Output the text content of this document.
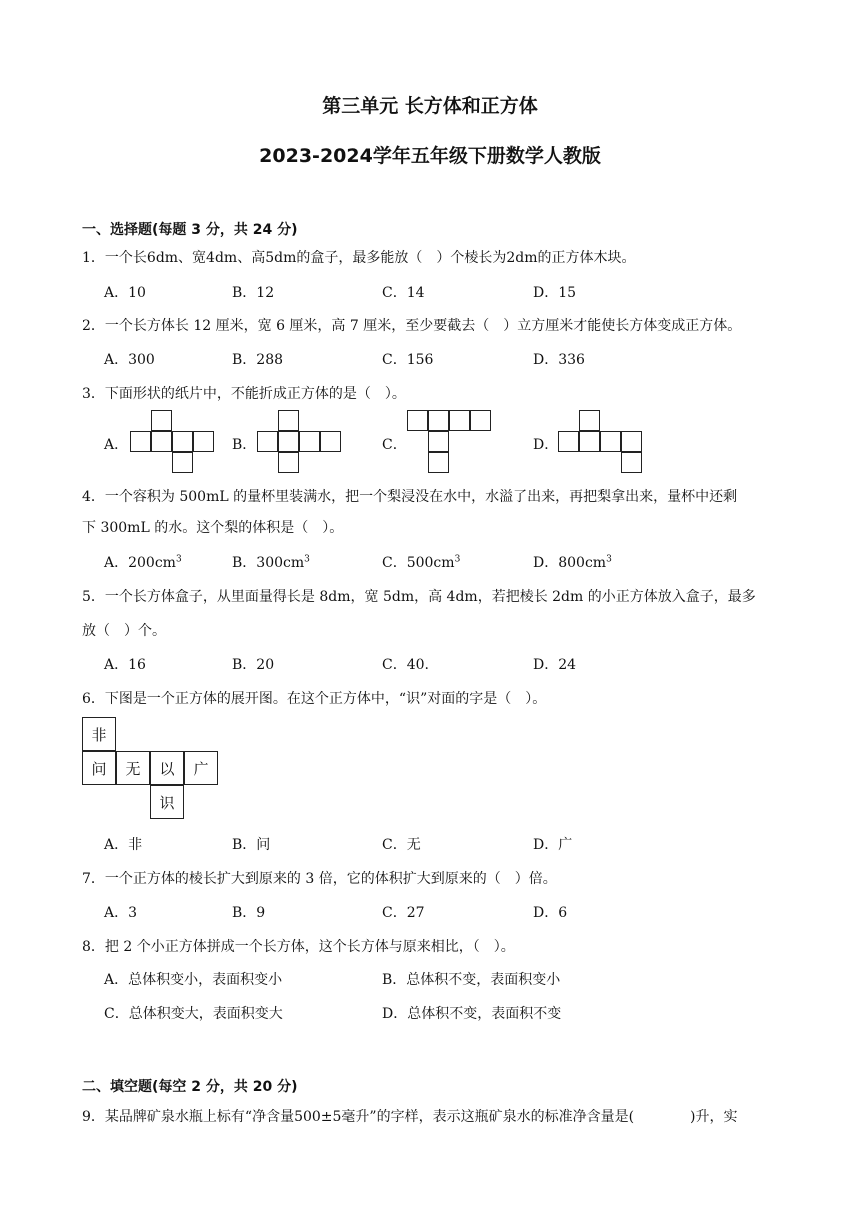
第三单元 长方体和正方体
2023-2024学年五年级下册数学人教版
一、选择题(每题 3 分，共 24 分)
1．一个长6dm、宽4dm、高5dm的盒子，最多能放（　）个棱长为2dm的正方体木块。
A．10	B．12	C．14	D．15
2．一个长方体长 12 厘米，宽 6 厘米，高 7 厘米，至少要截去（　）立方厘米才能使长方体变成正方体。
A．300	B．288	C．156	D．336
3．下面形状的纸片中，不能折成正方体的是（　）。
A．	B．	C．	D．
4．一个容积为 500mL 的量杯里装满水，把一个梨浸没在水中，水溢了出来，再把梨拿出来，量杯中还剩
下 300mL 的水。这个梨的体积是（　）。
A．$200cm^3$	B．$300cm^3$	C．$500cm^3$	D．$800cm^3$
5．一个长方体盒子，从里面量得长是 8dm，宽 5dm，高 4dm，若把棱长 2dm 的小正方体放入盒子，最多
放（　）个。
A．16	B．20	C．40.	D．24
6．下图是一个正方体的展开图。在这个正方体中，“识”对面的字是（　）。
非
问	无	以	广
识
A．非	B．问	C．无	D．广
7．一个正方体的棱长扩大到原来的 3 倍，它的体积扩大到原来的（　）倍。
A．3	B．9	C．27	D．6
8．把 2 个小正方体拼成一个长方体，这个长方体与原来相比，（　）。
A．总体积变小，表面积变小	B．总体积不变，表面积变小
C．总体积变大，表面积变大	D．总体积不变，表面积不变
二、填空题(每空 2 分，共 20 分)
9．某品牌矿泉水瓶上标有“净含量500±5毫升”的字样，表示这瓶矿泉水的标准净含量是(　　　　)升，实
